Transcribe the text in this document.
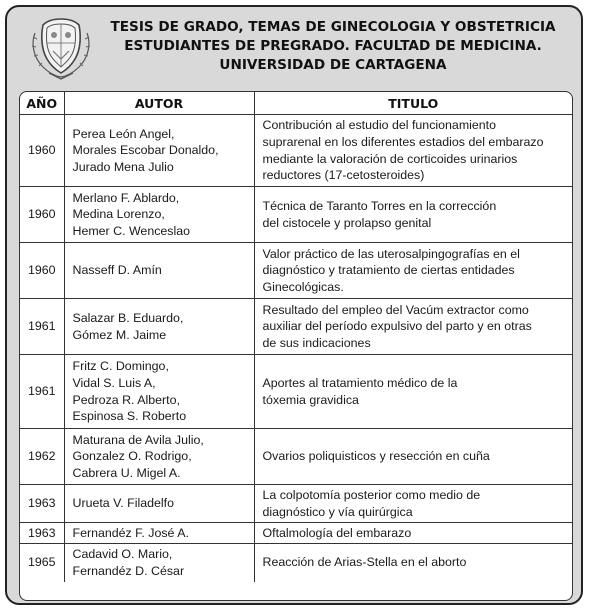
TESIS DE GRADO, TEMAS DE GINECOLOGIA Y OBSTETRICIA
ESTUDIANTES DE PREGRADO. FACULTAD DE MEDICINA.
UNIVERSIDAD DE CARTAGENA
AÑO	AUTOR	TITULO
1960	Perea León Angel,
Morales Escobar Donaldo,
Jurado Mena Julio	Contribución al estudio del funcionamiento
suprarenal en los diferentes estadios del embarazo
mediante la valoración de corticoides urinarios
reductores (17-cetosteroides)

1960	Merlano F. Ablardo,
Medina Lorenzo,
Hemer C. Wenceslao	Técnica de Taranto Torres en la corrección
del cistocele y prolapso genital

1960	Nasseff D. Amín	Valor práctico de las uterosalpingografías en el
diagnóstico y tratamiento de ciertas entidades
Ginecológicas.

1961	Salazar B. Eduardo,
Gómez M. Jaime	Resultado del empleo del Vacúm extractor como
auxiliar del período expulsivo del parto y en otras
de sus indicaciones

1961	Fritz C. Domingo,
Vidal S. Luis A,
Pedroza R. Alberto,
Espinosa S. Roberto	Aportes al tratamiento médico de la
tóxemia gravidica

1962	Maturana de Avila Julio,
Gonzalez O. Rodrigo,
Cabrera U. Migel A.	Ovarios poliquisticos y resección en cuña

1963	Urueta V. Filadelfo	La colpotomía posterior como medio de
diagnóstico y vía quirúrgica

1963	Fernandéz F. José A.	Oftalmología del embarazo

1965	Cadavid O. Mario,
Fernandéz D. César	Reacción de Arias-Stella en el aborto
